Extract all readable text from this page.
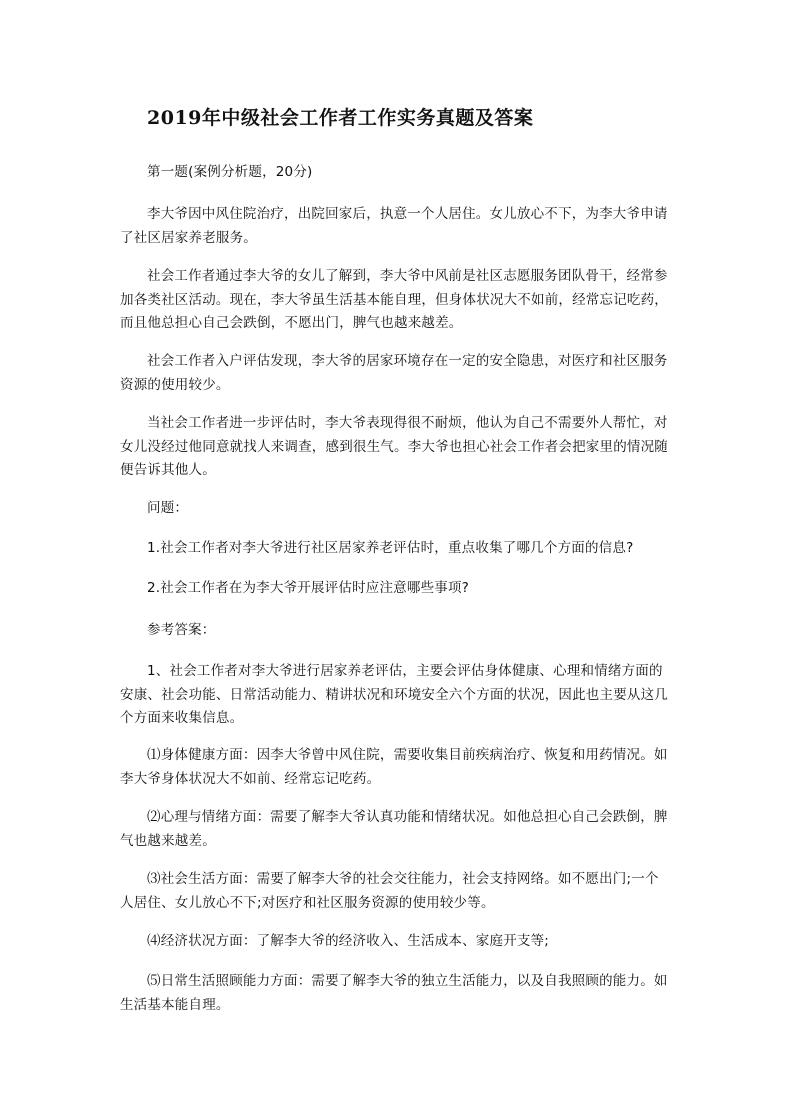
2019年中级社会工作者工作实务真题及答案

第一题(案例分析题，20分)

李大爷因中风住院治疗，出院回家后，执意一个人居住。女儿放心不下，为李大爷申请了社区居家养老服务。

社会工作者通过李大爷的女儿了解到，李大爷中风前是社区志愿服务团队骨干，经常参加各类社区活动。现在，李大爷虽生活基本能自理，但身体状况大不如前，经常忘记吃药，而且他总担心自己会跌倒，不愿出门，脾气也越来越差。

社会工作者入户评估发现，李大爷的居家环境存在一定的安全隐患，对医疗和社区服务资源的使用较少。

当社会工作者进一步评估时，李大爷表现得很不耐烦，他认为自己不需要外人帮忙，对女儿没经过他同意就找人来调查，感到很生气。李大爷也担心社会工作者会把家里的情况随便告诉其他人。

问题：

1.社会工作者对李大爷进行社区居家养老评估时，重点收集了哪几个方面的信息?

2.社会工作者在为李大爷开展评估时应注意哪些事项?

参考答案：

1、社会工作者对李大爷进行居家养老评估，主要会评估身体健康、心理和情绪方面的安康、社会功能、日常活动能力、精讲状况和环境安全六个方面的状况，因此也主要从这几个方面来收集信息。

⑴身体健康方面：因李大爷曾中风住院，需要收集目前疾病治疗、恢复和用药情况。如李大爷身体状况大不如前、经常忘记吃药。

⑵心理与情绪方面：需要了解李大爷认真功能和情绪状况。如他总担心自己会跌倒，脾气也越来越差。

⑶社会生活方面：需要了解李大爷的社会交往能力，社会支持网络。如不愿出门;一个人居住、女儿放心不下;对医疗和社区服务资源的使用较少等。

⑷经济状况方面：了解李大爷的经济收入、生活成本、家庭开支等;

⑸日常生活照顾能力方面：需要了解李大爷的独立生活能力，以及自我照顾的能力。如生活基本能自理。
